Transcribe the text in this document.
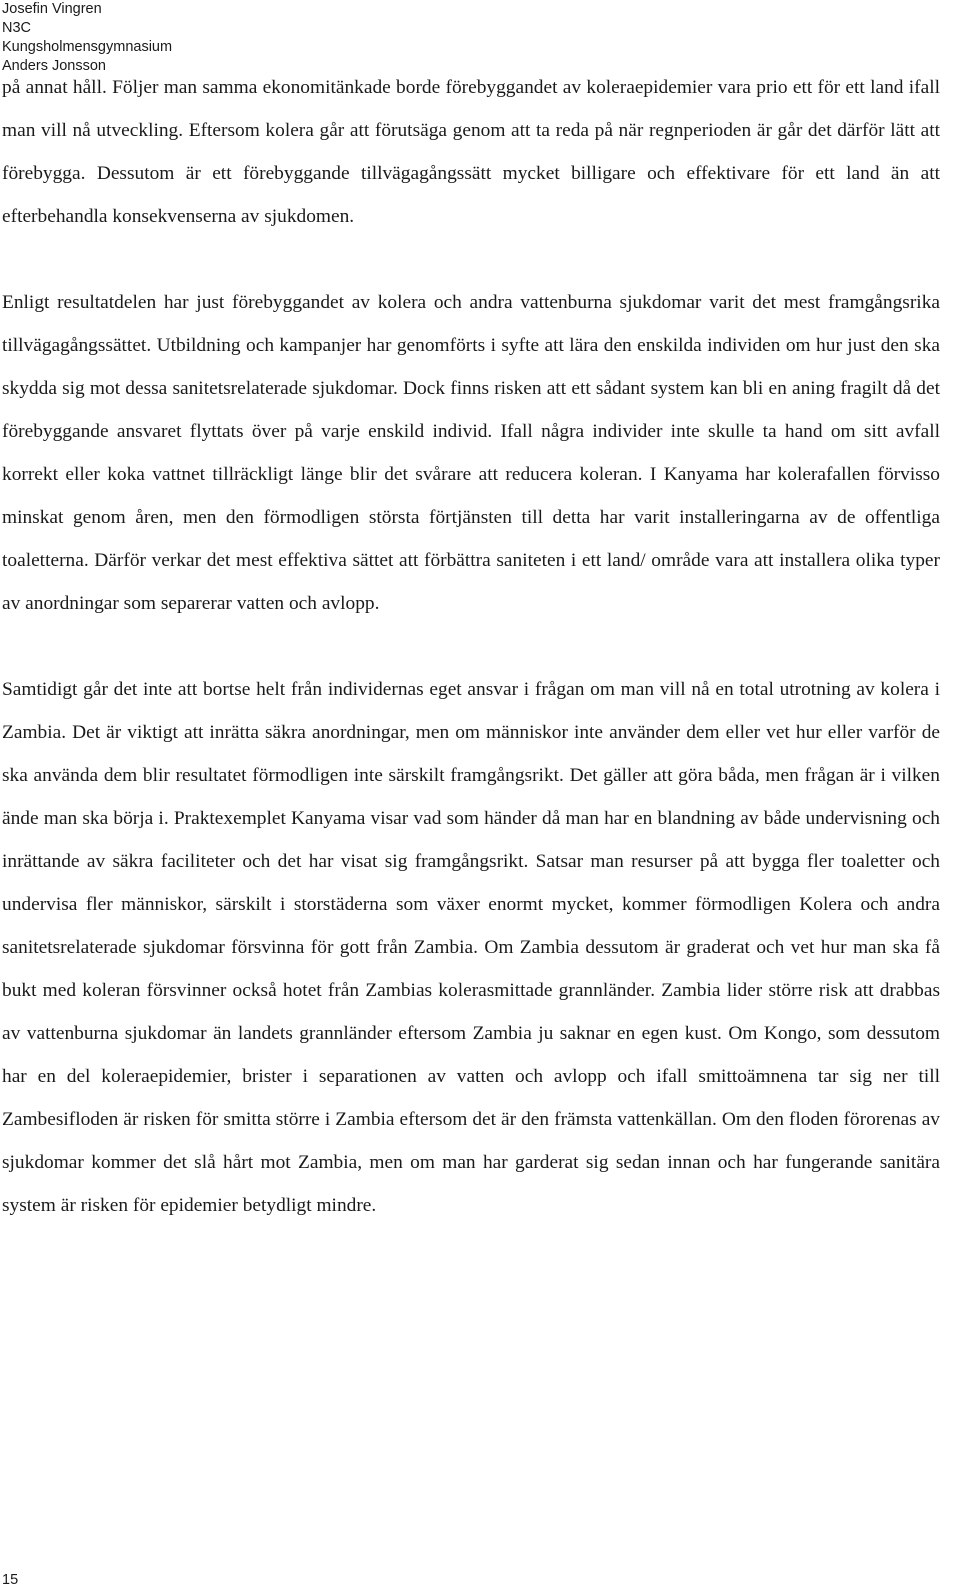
Josefin Vingren
N3C
Kungsholmensgymnasium
Anders Jonsson

på annat håll. Följer man samma ekonomitänkade borde förebyggandet av koleraepidemier vara prio ett för ett land ifall man vill nå utveckling. Eftersom kolera går att förutsäga genom att ta reda på när regnperioden är går det därför lätt att förebygga. Dessutom är ett förebyggande tillvägagångssätt mycket billigare och effektivare för ett land än att efterbehandla konsekvenserna av sjukdomen.

Enligt resultatdelen har just förebyggandet av kolera och andra vattenburna sjukdomar varit det mest framgångsrika tillvägagångssättet. Utbildning och kampanjer har genomförts i syfte att lära den enskilda individen om hur just den ska skydda sig mot dessa sanitetsrelaterade sjukdomar. Dock finns risken att ett sådant system kan bli en aning fragilt då det förebyggande ansvaret flyttats över på varje enskild individ. Ifall några individer inte skulle ta hand om sitt avfall korrekt eller koka vattnet tillräckligt länge blir det svårare att reducera koleran. I Kanyama har kolerafallen förvisso minskat genom åren, men den förmodligen största förtjänsten till detta har varit installeringarna av de offentliga toaletterna. Därför verkar det mest effektiva sättet att förbättra saniteten i ett land/ område vara att installera olika typer av anordningar som separerar vatten och avlopp.

Samtidigt går det inte att bortse helt från individernas eget ansvar i frågan om man vill nå en total utrotning av kolera i Zambia. Det är viktigt att inrätta säkra anordningar, men om människor inte använder dem eller vet hur eller varför de ska använda dem blir resultatet förmodligen inte särskilt framgångsrikt. Det gäller att göra båda, men frågan är i vilken ände man ska börja i. Praktexemplet Kanyama visar vad som händer då man har en blandning av både undervisning och inrättande av säkra faciliteter och det har visat sig framgångsrikt. Satsar man resurser på att bygga fler toaletter och undervisa fler människor, särskilt i storstäderna som växer enormt mycket, kommer förmodligen Kolera och andra sanitetsrelaterade sjukdomar försvinna för gott från Zambia. Om Zambia dessutom är graderat och vet hur man ska få bukt med koleran försvinner också hotet från Zambias kolerasmittade grannländer. Zambia lider större risk att drabbas av vattenburna sjukdomar än landets grannländer eftersom Zambia ju saknar en egen kust. Om Kongo, som dessutom har en del koleraepidemier, brister i separationen av vatten och avlopp och ifall smittoämnena tar sig ner till Zambesifloden är risken för smitta större i Zambia eftersom det är den främsta vattenkällan. Om den floden förorenas av sjukdomar kommer det slå hårt mot Zambia, men om man har garderat sig sedan innan och har fungerande sanitära system är risken för epidemier betydligt mindre.

15
